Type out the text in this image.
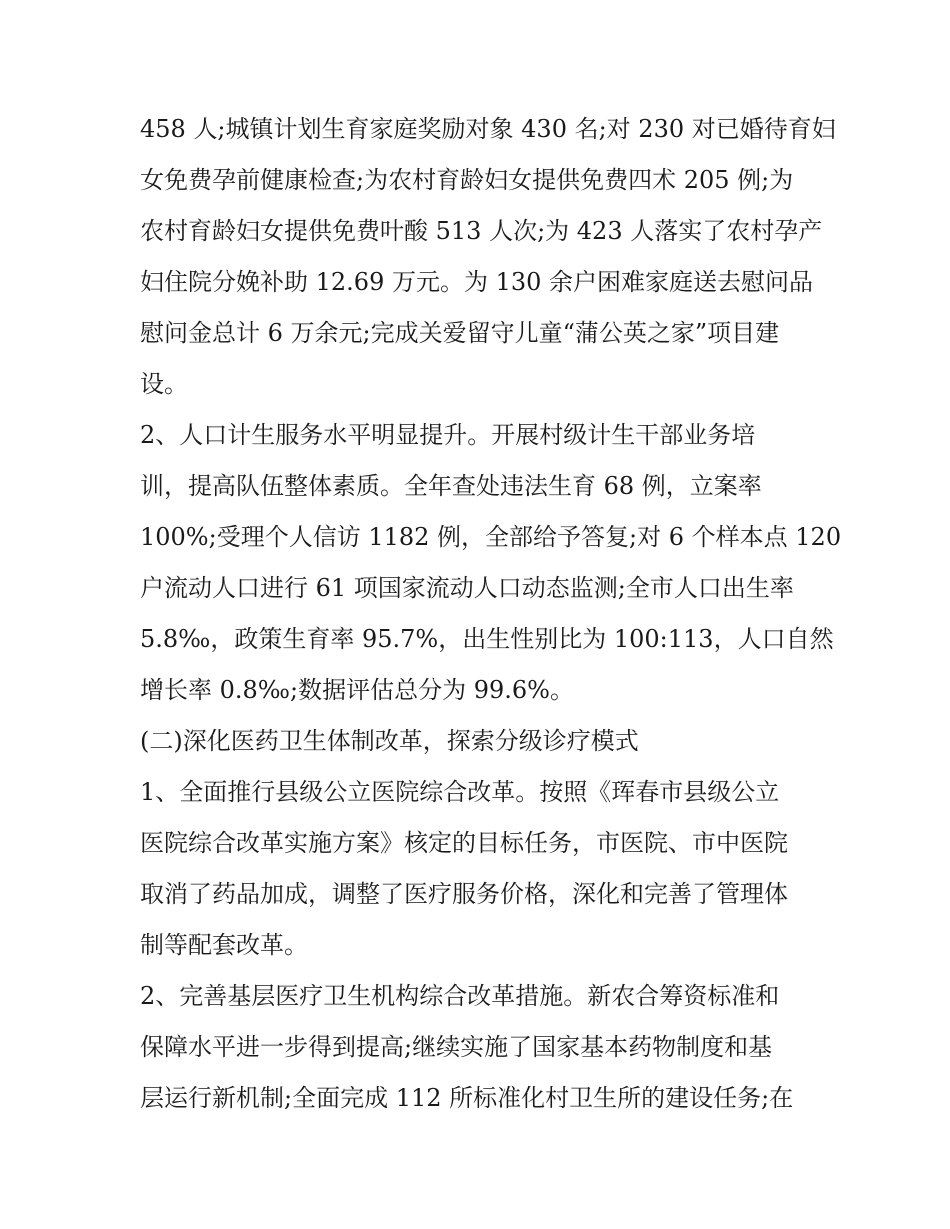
458 人;城镇计划生育家庭奖励对象 430 名;对 230 对已婚待育妇
女免费孕前健康检查;为农村育龄妇女提供免费四术 205 例;为
农村育龄妇女提供免费叶酸 513 人次;为 423 人落实了农村孕产
妇住院分娩补助 12.69 万元。为 130 余户困难家庭送去慰问品
慰问金总计 6 万余元;完成关爱留守儿童“蒲公英之家”项目建
设。
2、人口计生服务水平明显提升。开展村级计生干部业务培
训，提高队伍整体素质。全年查处违法生育 68 例，立案率
100%;受理个人信访 1182 例，全部给予答复;对 6 个样本点 120
户流动人口进行 61 项国家流动人口动态监测;全市人口出生率
5.8‰，政策生育率 95.7%，出生性别比为 100:113，人口自然
增长率 0.8‰;数据评估总分为 99.6%。
(二)深化医药卫生体制改革，探索分级诊疗模式
1、全面推行县级公立医院综合改革。按照《珲春市县级公立
医院综合改革实施方案》核定的目标任务，市医院、市中医院
取消了药品加成，调整了医疗服务价格，深化和完善了管理体
制等配套改革。
2、完善基层医疗卫生机构综合改革措施。新农合筹资标准和
保障水平进一步得到提高;继续实施了国家基本药物制度和基
层运行新机制;全面完成 112 所标准化村卫生所的建设任务;在
